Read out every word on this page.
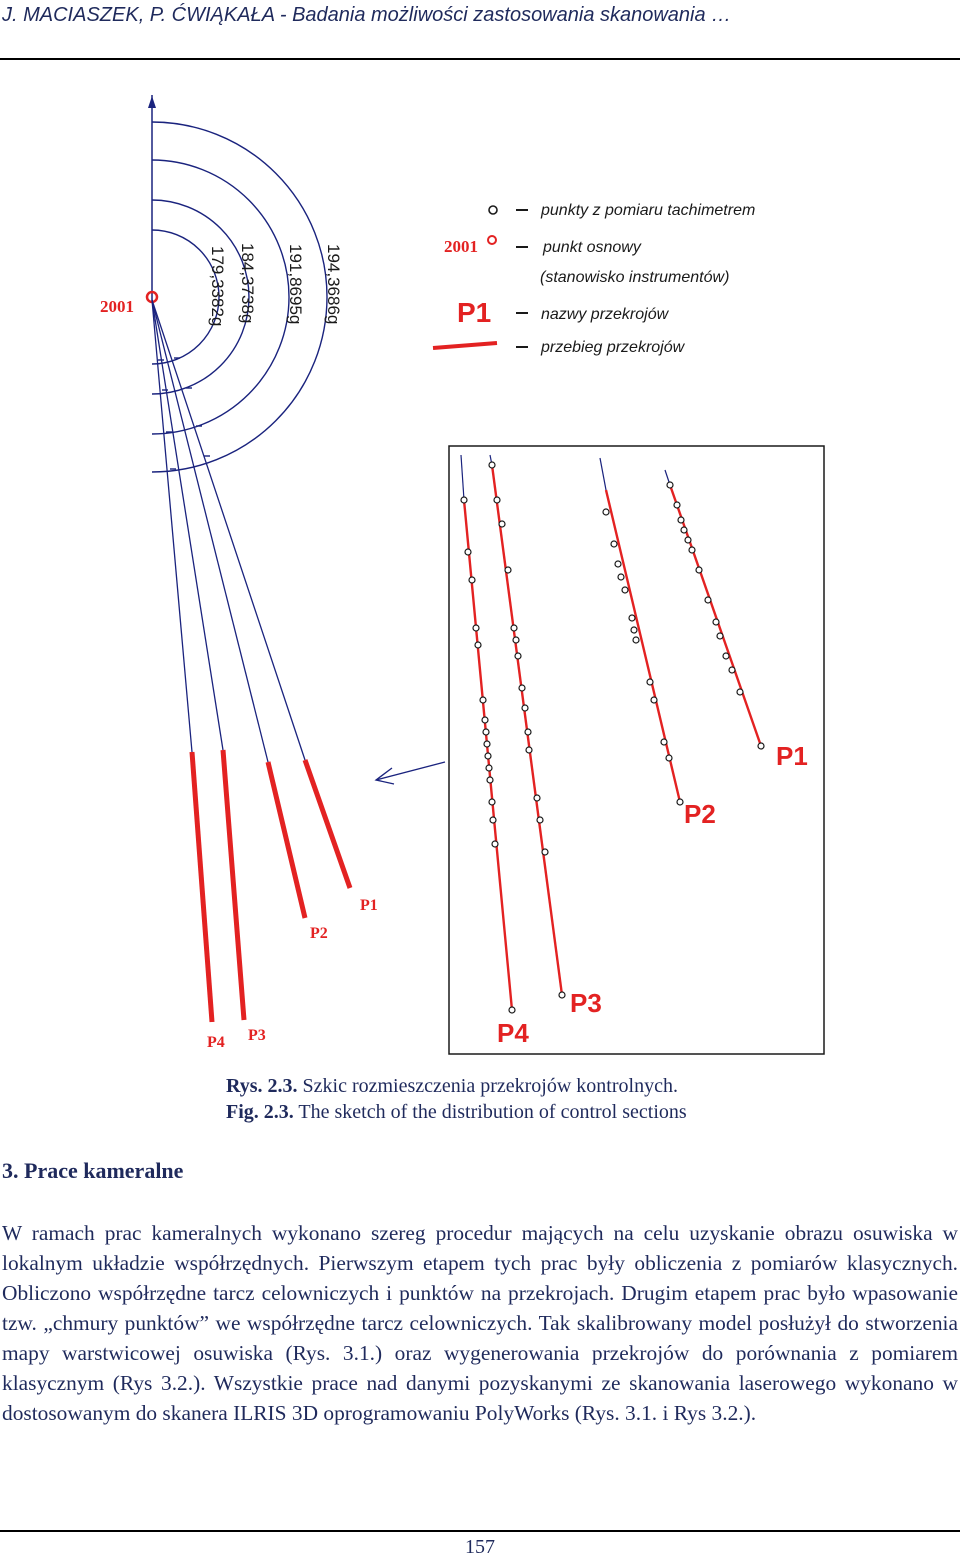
J. MACIASZEK, P. ĆWIĄKAŁA - Badania możliwości zastosowania skanowania …
179,3382g 184,3738g 191,8695g 194,3686g
2001
P1
P2
P3
P4
punkty z pomiaru tachimetrem
2001	punkt osnowy
(stanowisko instrumentów)
P1	nazwy przekrojów
przebieg przekrojów
P1
P2
P3
P4
Rys. 2.3. Szkic rozmieszczenia przekrojów kontrolnych.
Fig. 2.3. The sketch of the distribution of control sections
3. Prace kameralne
W ramach prac kameralnych wykonano szereg procedur mających na celu uzyskanie obrazu osuwiska w lokalnym układzie współrzędnych. Pierwszym etapem tych prac były obliczenia z pomiarów klasycznych. Obliczono współrzędne tarcz celowniczych i punktów na przekrojach. Drugim etapem prac było wpasowanie tzw. „chmury punktów” we współrzędne tarcz celowniczych. Tak skalibrowany model posłużył do stworzenia mapy warstwicowej osuwiska (Rys. 3.1.) oraz wygenerowania przekrojów do porównania z pomiarem klasycznym (Rys 3.2.). Wszystkie prace nad danymi pozyskanymi ze skanowania laserowego wykonano w dostosowanym do skanera ILRIS 3D oprogramowaniu PolyWorks (Rys. 3.1. i Rys 3.2.).
157
